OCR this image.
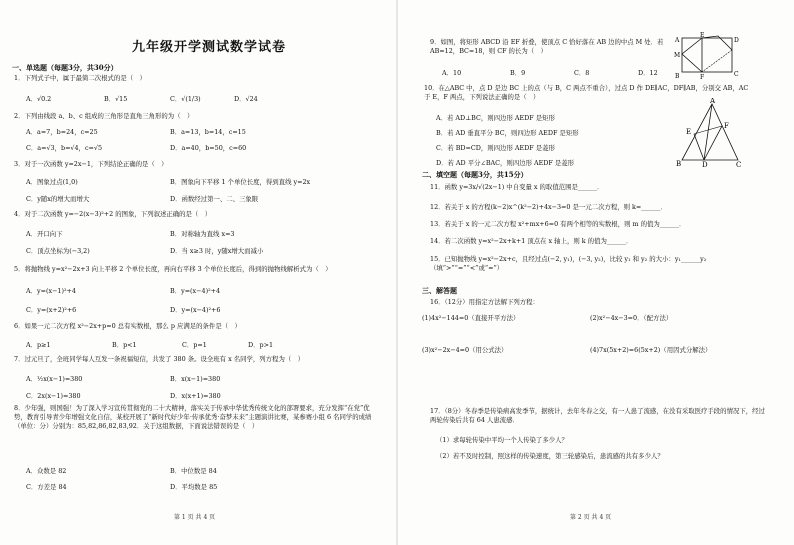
九年级开学测试数学试卷
一、单选题（每题3分，共30分）
1．下列式子中，属于最简二次根式的是（　）
A．√0.2	B．√15	C．√(1/3)	D．√24
2．下列由线段 a、b、c 组成的三角形是直角三角形的为（　）
A．a=7，b=24，c=25	B．a=13，b=14，c=15
C．a=√3，b=√4，c=√5	D．a=40，b=50，c=60
3．对于一次函数 y=2x−1，下列结论正确的是（　）
A．图象过点(1,0)	B．图象向下平移 1 个单位长度，得到直线 y=2x
C．y随x的增大而增大	D．函数经过第一、二、三象限
4．对于二次函数 y=−2(x−3)²+2 的图象，下列叙述正确的是（　）
A．开口向下	B．对称轴为直线 x=3
C．顶点坐标为(−3,2)	D．当 x≥3 时，y随x增大而减小
5．将抛物线 y=x²−2x+3 向上平移 2 个单位长度，再向右平移 3 个单位长度后，得到的抛物线解析式为（　）
A．y=(x−1)²+4	B．y=(x−4)²+4
C．y=(x+2)²+6	D．y=(x−4)²+6
6．如果一元二次方程 x²−2x+p=0 总有实数根，那么 p 应满足的条件是（　）
A．p≥1	B．p<1	C．p=1	D．p>1
7．过元旦了，全班同学每人互发一条祝福短信，共发了 380 条。设全班有 x 名同学，列方程为（　）
A．½x(x−1)=380	B．x(x−1)=380
C．2x(x−1)=380	D．x(x+1)=380
8．少年强，则国强！为了深入学习宣传贯彻党的二十大精神，落实关于传承中华优秀传统文化的部署要求，充分发挥“在党”优势，教育引导青少年增强文化自信，某校开展了“新时代好少年·传承优秀·奋梦未来”主题演讲比赛，某参赛小组 6 名同学的成绩（单位：分）分别为：85,82,86,82,83,92．关于这组数据，下面说法错误的是（　）
A．众数是 82	B．中位数是 84
C．方差是 84	D．平均数是 85
第 1 页 共 4 页
9．如图，将矩形 ABCD 沿 EF 折叠，使顶点 C 恰好落在 AB 边的中点 M 处．若 AB=12，BC=18，则 CF 的长为（　）
A．10	B．9	C．8	D．12
A
E
D
M
B	F	C
10．在△ABC 中，点 D 是边 BC 上的点（与 B，C 两点不重合），过点 D 作 DE∥AC，DF∥AB，分别交 AB，AC 于 E，F 两点，下列说法正确的是（　）
A．若 AD⊥BC，则四边形 AEDF 是矩形
B．若 AD 垂直平分 BC，则四边形 AEDF 是矩形
C．若 BD=CD，则四边形 AEDF 是菱形
D．若 AD 平分∠BAC，则四边形 AEDF 是菱形
A
E
F
B	D	C
二、填空题（每题3分，共15分）
11．函数 y=3x/√(2x−1) 中自变量 x 的取值范围是______．
12．若关于 x 的方程(k−2)x^(k²−2)+4x−3=0 是一元二次方程，则 k=______．
13．若关于 x 的一元二次方程 x²+mx+6=0 有两个相等的实数根，则 m 的值为______．
14．若二次函数 y=x²−2x+k+1 顶点在 x 轴上，则 k 的值为______．
15．已知抛物线 y=x²−2x+c，且经过点(−2, y₁)，(−3, y₂)，比较 y₁ 和 y₂ 的大小：y₁______y₂（填“>”“=”“<”或“=”）
三、解答题
16．（12分）用指定方法解下列方程：
(1)4x²−144=0（直接开平方法）	(2)x²−4x−3=0．（配方法）
(3)x²−2x−4=0（用公式法）	(4)7x(5x+2)=6(5x+2)（用因式分解法）
17．（8分）冬春季是传染病高发季节，据统计，去年冬春之交，有一人患了流感，在没有采取医疗手段的情况下，经过两轮传染后共有 64 人患流感．
（1）求每轮传染中平均一个人传染了多少人？
（2）若不及时控制，照这样的传染速度，第三轮感染后，患流感的共有多少人？
第 2 页 共 4 页
